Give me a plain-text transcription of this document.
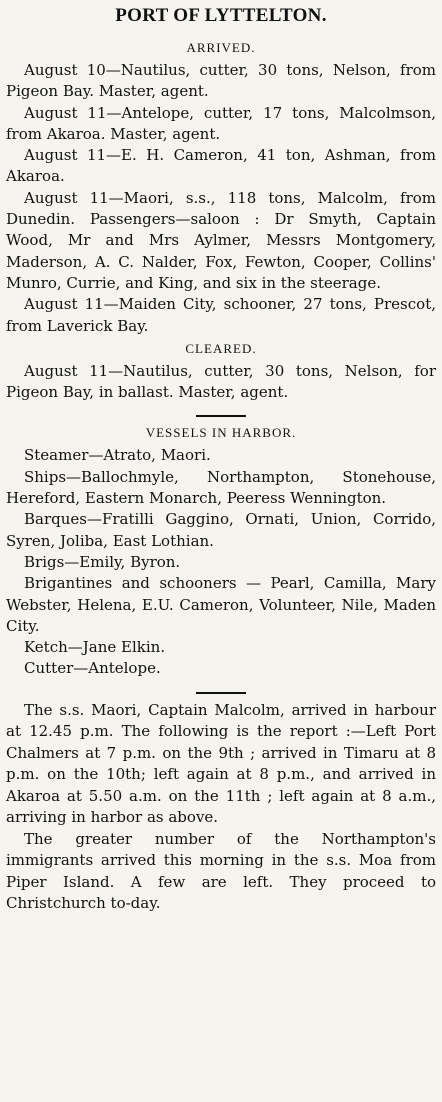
PORT OF LYTTELTON.
ARRIVED.

August 10—Nautilus, cutter, 30 tons, Nelson, from Pigeon Bay. Master, agent.

August 11—Antelope, cutter, 17 tons, Malcolmson, from Akaroa. Master, agent.

August 11—E. H. Cameron, 41 ton, Ashman, from Akaroa.

August 11—Maori, s.s., 118 tons, Malcolm, from Dunedin. Passengers—saloon : Dr Smyth, Captain Wood, Mr and Mrs Aylmer, Messrs Montgomery, Maderson, A. C. Nalder, Fox, Fewton, Cooper, Collins' Munro, Currie, and King, and six in the steerage.

August 11—Maiden City, schooner, 27 tons, Prescot, from Laverick Bay.

CLEARED.

August 11—Nautilus, cutter, 30 tons, Nelson, for Pigeon Bay, in ballast. Master, agent.

VESSELS IN HARBOR.

Steamer—Atrato, Maori.

Ships—Ballochmyle, Northampton, Stonehouse, Hereford, Eastern Monarch, Peeress Wennington.

Barques—Fratilli Gaggino, Ornati, Union, Corrido, Syren, Joliba, East Lothian.

Brigs—Emily, Byron.

Brigantines and schooners — Pearl, Camilla, Mary Webster, Helena, E.U. Cameron, Volunteer, Nile, Maden City.

Ketch—Jane Elkin.

Cutter—Antelope.

The s.s. Maori, Captain Malcolm, arrived in harbour at 12.45 p.m. The following is the report :—Left Port Chalmers at 7 p.m. on the 9th ; arrived in Timaru at 8 p.m. on the 10th; left again at 8 p.m., and arrived in Akaroa at 5.50 a.m. on the 11th ; left again at 8 a.m., arriving in harbor as above.

The greater number of the Northampton's immigrants arrived this morning in the s.s. Moa from Piper Island. A few are left. They proceed to Christchurch to-day.
